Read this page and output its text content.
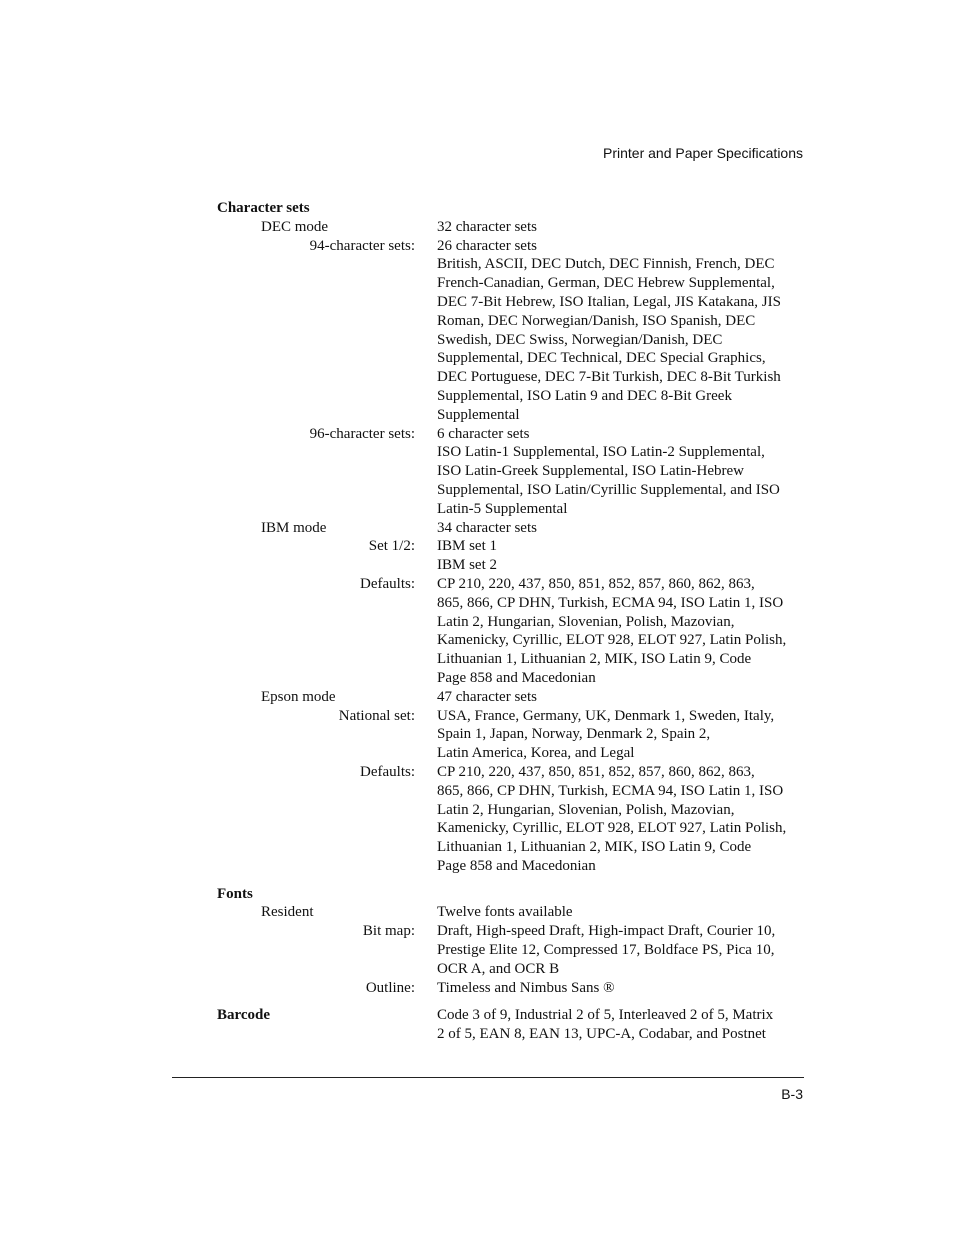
Printer and Paper Specifications
Character sets
DEC mode	32 character sets
94-character sets:	26 character sets
British, ASCII, DEC Dutch, DEC Finnish, French, DEC
French-Canadian, German, DEC Hebrew Supplemental,
DEC 7-Bit Hebrew, ISO Italian, Legal, JIS Katakana, JIS
Roman, DEC Norwegian/Danish, ISO Spanish, DEC
Swedish, DEC Swiss, Norwegian/Danish, DEC
Supplemental, DEC Technical, DEC Special Graphics,
DEC Portuguese, DEC 7-Bit Turkish, DEC 8-Bit Turkish
Supplemental, ISO Latin 9 and DEC 8-Bit Greek
Supplemental
96-character sets:	6 character sets
ISO Latin-1 Supplemental, ISO Latin-2 Supplemental,
ISO Latin-Greek Supplemental, ISO Latin-Hebrew
Supplemental, ISO Latin/Cyrillic Supplemental, and ISO
Latin-5 Supplemental
IBM mode	34 character sets
Set 1/2:	IBM set 1
IBM set 2
Defaults:	CP 210, 220, 437, 850, 851, 852, 857, 860, 862, 863,
865, 866, CP DHN, Turkish, ECMA 94, ISO Latin 1, ISO
Latin 2, Hungarian, Slovenian, Polish, Mazovian,
Kamenicky, Cyrillic, ELOT 928, ELOT 927, Latin Polish,
Lithuanian 1, Lithuanian 2, MIK, ISO Latin 9, Code
Page 858 and Macedonian
Epson mode	47 character sets
National set:	USA, France, Germany, UK, Denmark 1, Sweden, Italy,
Spain 1, Japan, Norway, Denmark 2, Spain 2,
Latin America, Korea, and Legal
Defaults:	CP 210, 220, 437, 850, 851, 852, 857, 860, 862, 863,
865, 866, CP DHN, Turkish, ECMA 94, ISO Latin 1, ISO
Latin 2, Hungarian, Slovenian, Polish, Mazovian,
Kamenicky, Cyrillic, ELOT 928, ELOT 927, Latin Polish,
Lithuanian 1, Lithuanian 2, MIK, ISO Latin 9, Code
Page 858 and Macedonian
Fonts
Resident	Twelve fonts available
Bit map:	Draft, High-speed Draft, High-impact Draft, Courier 10,
Prestige Elite 12, Compressed 17, Boldface PS, Pica 10,
OCR A, and OCR B
Outline:	Timeless and Nimbus Sans ®
Barcode	Code 3 of 9, Industrial 2 of 5, Interleaved 2 of 5, Matrix
2 of 5, EAN 8, EAN 13, UPC-A, Codabar, and Postnet
B-3
